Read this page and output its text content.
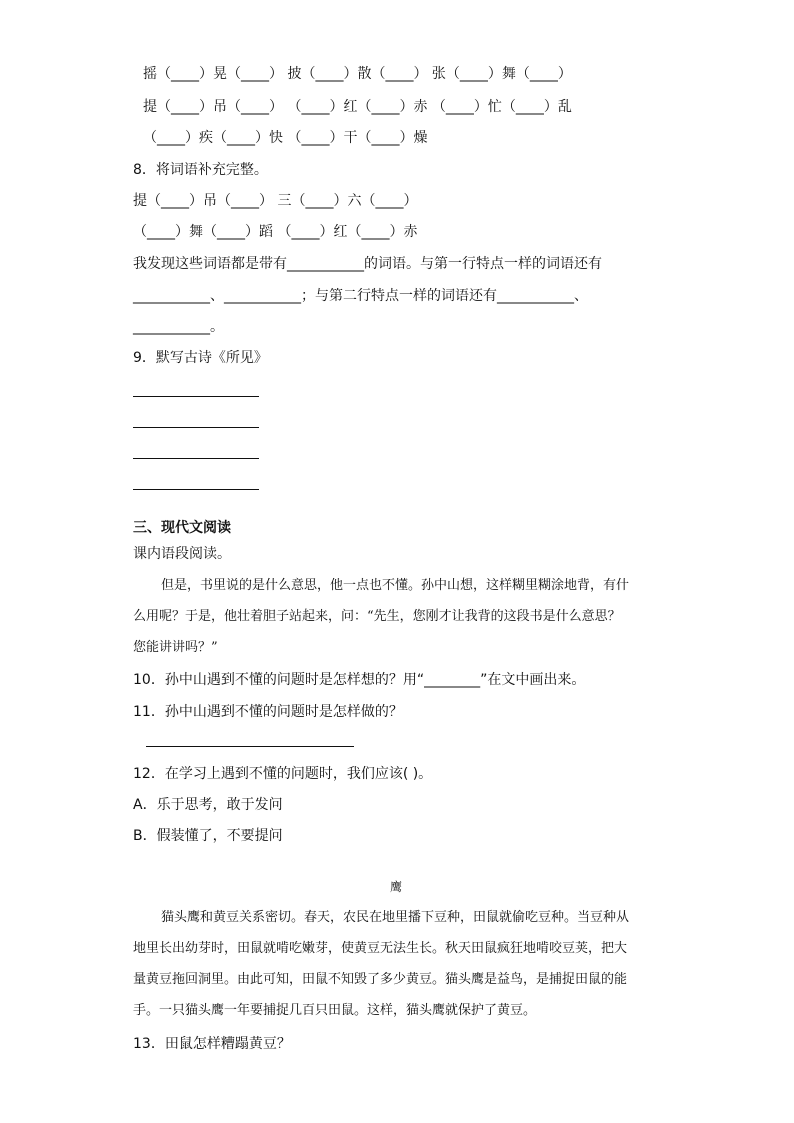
摇（____）晃（____） 披（____）散（____） 张（____）舞（____）
提（____）吊（____） （____）红（____）赤 （____）忙（____）乱
（____）疾（____）快 （____）干（____）燥
8．将词语补充完整。
提（____）吊（____） 三（____）六（____）
（____）舞（____）蹈 （____）红（____）赤
我发现这些词语都是带有___________的词语。与第一行特点一样的词语还有
___________、___________；与第二行特点一样的词语还有___________、
___________。
9．默写古诗《所见》
三、现代文阅读
课内语段阅读。
但是，书里说的是什么意思，他一点也不懂。孙中山想，这样糊里糊涂地背，有什
么用呢？于是，他壮着胆子站起来，问：“先生，您刚才让我背的这段书是什么意思？
您能讲讲吗？”
10．孙中山遇到不懂的问题时是怎样想的？用“________”在文中画出来。
11．孙中山遇到不懂的问题时是怎样做的？
12．在学习上遇到不懂的问题时，我们应该( )。
A．乐于思考，敢于发问
B．假装懂了，不要提问
鹰
猫头鹰和黄豆关系密切。春天，农民在地里播下豆种，田鼠就偷吃豆种。当豆种从
地里长出幼芽时，田鼠就啃吃嫩芽，使黄豆无法生长。秋天田鼠疯狂地啃咬豆荚，把大
量黄豆拖回洞里。由此可知，田鼠不知毁了多少黄豆。猫头鹰是益鸟，是捕捉田鼠的能
手。一只猫头鹰一年要捕捉几百只田鼠。这样，猫头鹰就保护了黄豆。
13．田鼠怎样糟蹋黄豆？
